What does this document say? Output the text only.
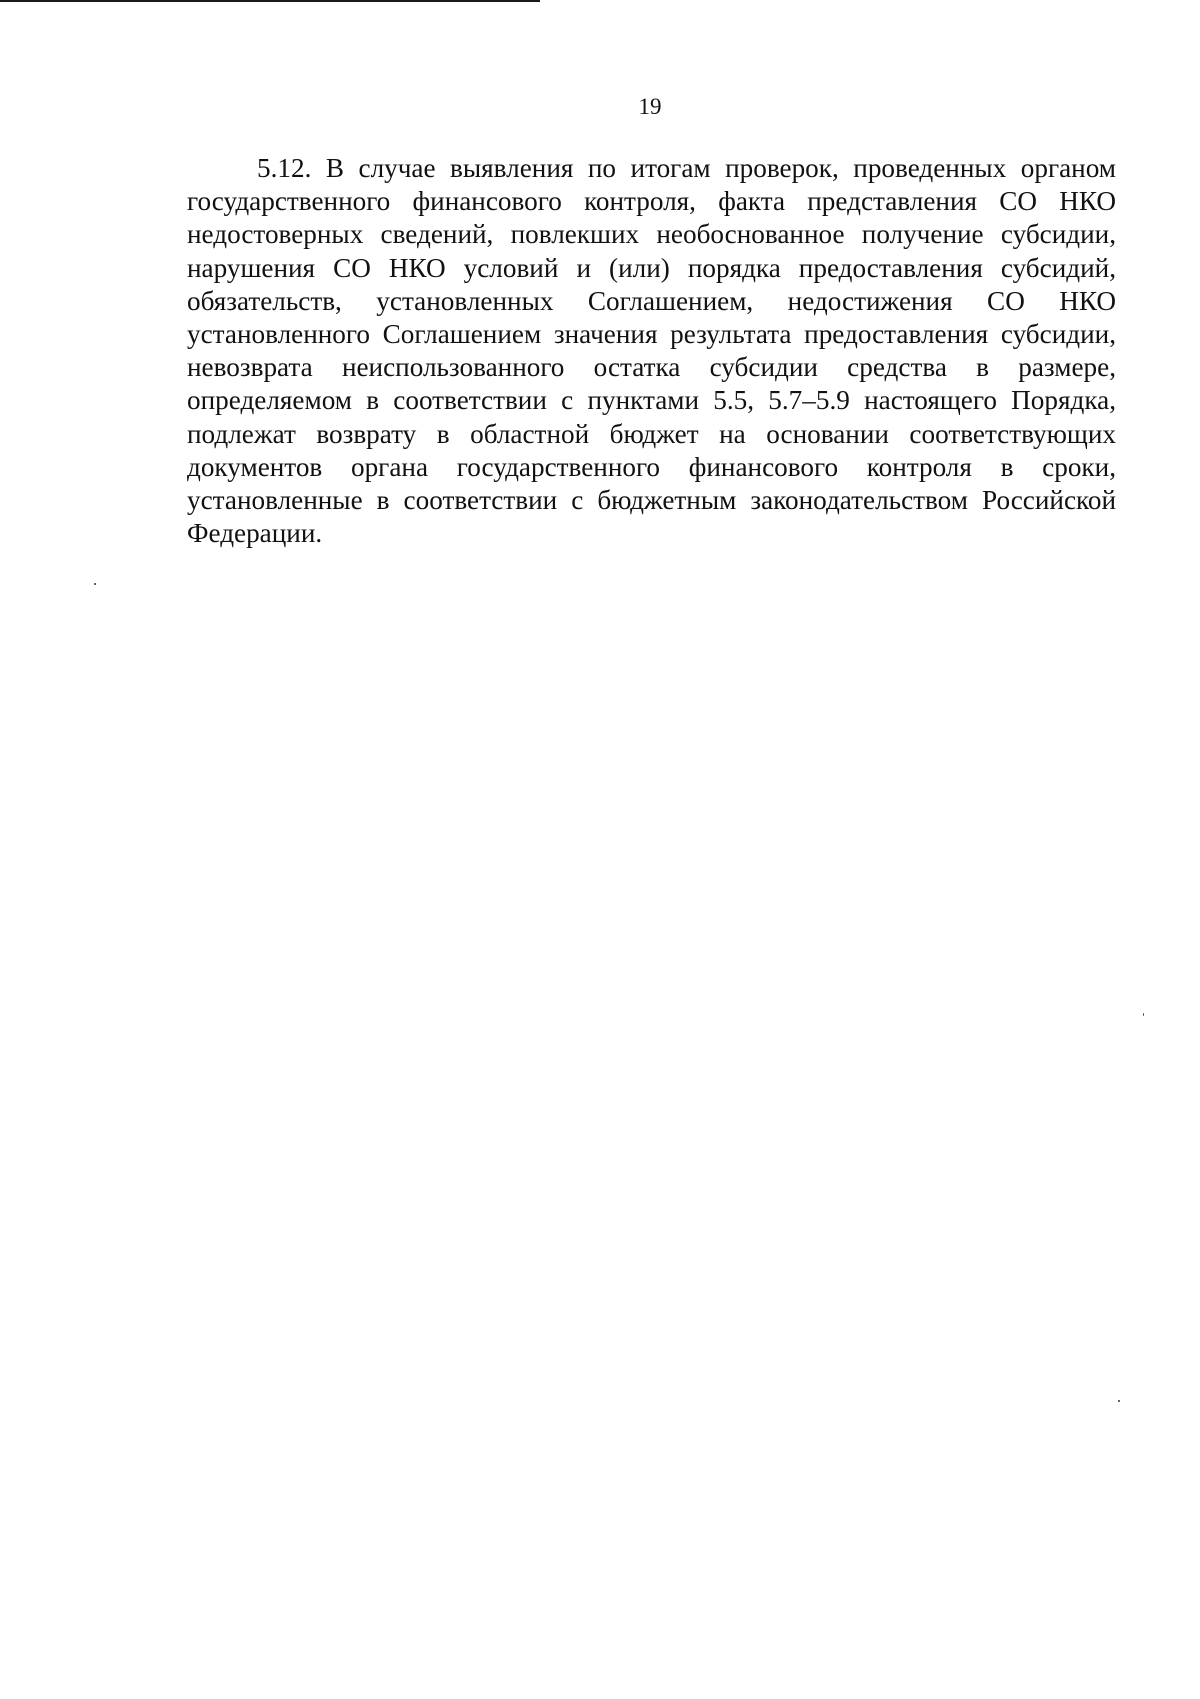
19

5.12. В случае выявления по итогам проверок, проведенных органом государственного финансового контроля, факта представления СО НКО недостоверных сведений, повлекших необоснованное получение субсидии, нарушения СО НКО условий и (или) порядка предоставления субсидий, обязательств, установленных Соглашением, недостижения СО НКО установленного Соглашением значения результата предоставления субсидии, невозврата неиспользованного остатка субсидии средства в размере, определяемом в соответствии с пунктами 5.5, 5.7–5.9 настоящего Порядка, подлежат возврату в областной бюджет на основании соответствующих документов органа государственного финансового контроля в сроки, установленные в соответствии с бюджетным законодательством Российской Федерации.
